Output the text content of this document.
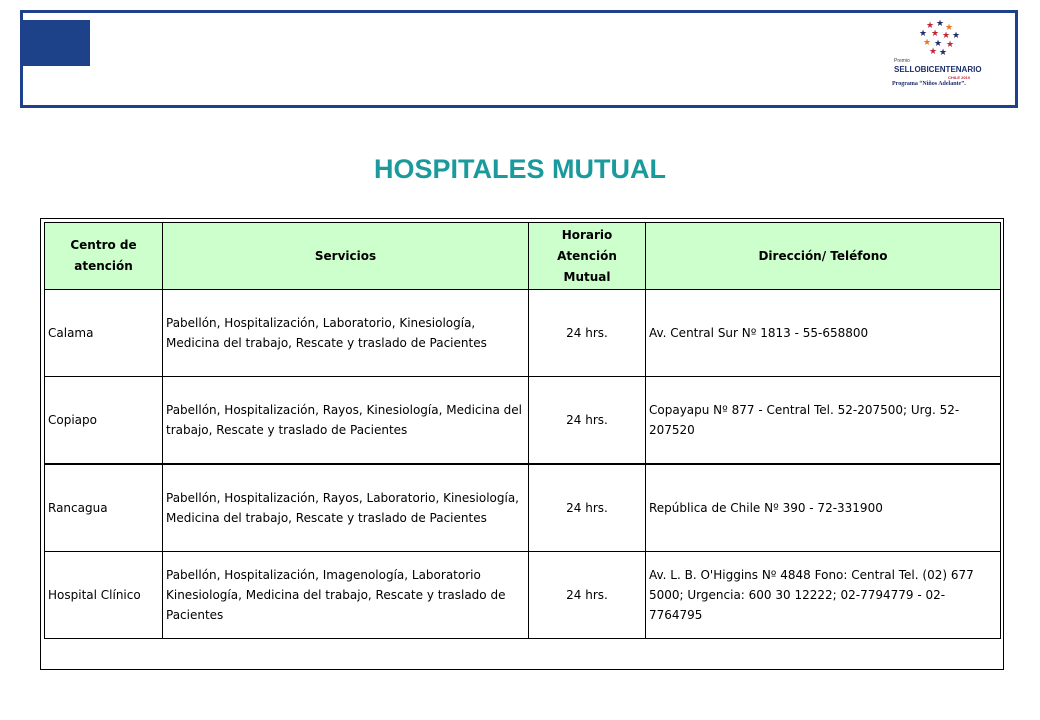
★ ★ ★
★ ★ ★ ★
★ ★ ★
★ ★
Premio
SELLOBICENTENARIO
CHILE 2010
Programa “Niños Adelante”.
HOSPITALES MUTUAL
Centro de atención	Servicios	Horario Atención Mutual	Dirección/ Teléfono
Calama	Pabellón, Hospitalización, Laboratorio, Kinesiología, Medicina del trabajo, Rescate y traslado de Pacientes	24 hrs.	Av. Central Sur Nº 1813 - 55-658800
Copiapo	Pabellón, Hospitalización, Rayos, Kinesiología, Medicina del trabajo, Rescate y traslado de Pacientes	24 hrs.	Copayapu Nº 877 - Central Tel. 52-207500; Urg. 52-207520
Rancagua	Pabellón, Hospitalización, Rayos, Laboratorio, Kinesiología, Medicina del trabajo, Rescate y traslado de Pacientes	24 hrs.	República de Chile Nº 390 - 72-331900
Hospital Clínico	Pabellón, Hospitalización, Imagenología, Laboratorio Kinesiología, Medicina del trabajo, Rescate y traslado de Pacientes	24 hrs.	Av. L. B. O'Higgins Nº 4848 Fono: Central Tel. (02) 677 5000; Urgencia: 600 30 12222; 02-7794779 - 02-7764795
